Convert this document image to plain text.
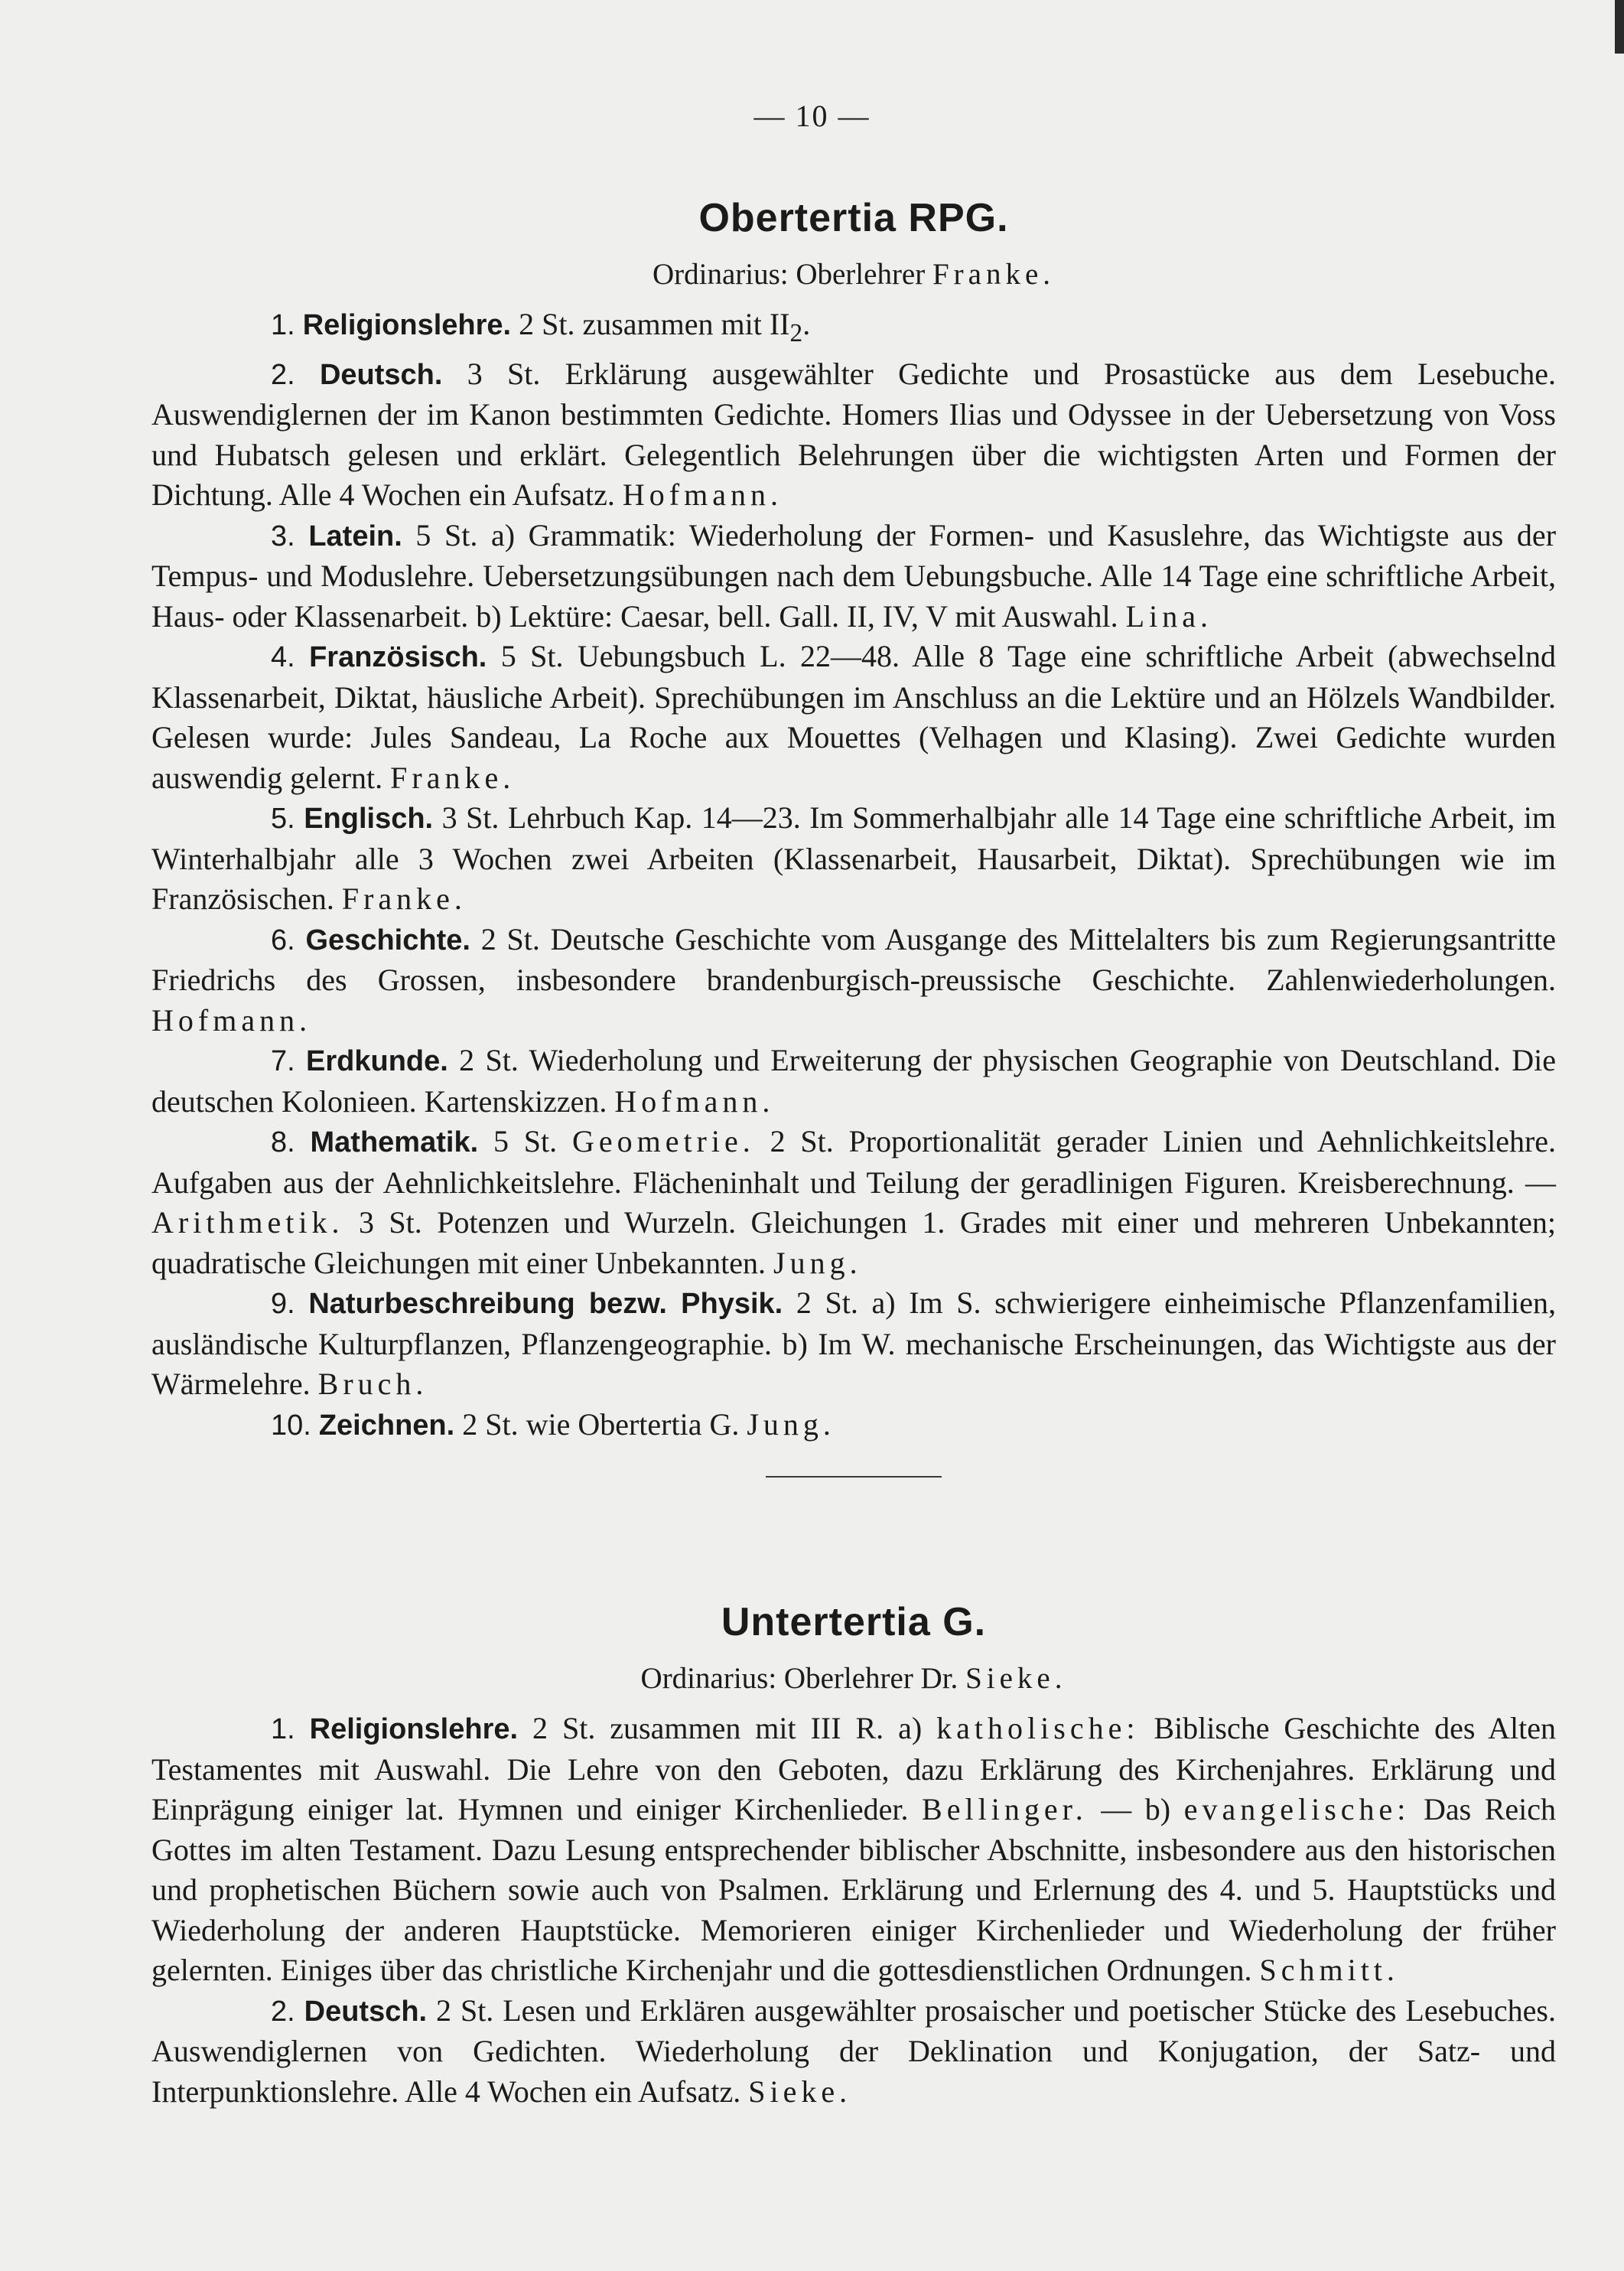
— 10 —
Obertertia RPG.
Ordinarius: Oberlehrer Franke.

1. Religionslehre. 2 St. zusammen mit $II_2$.

2. Deutsch. 3 St. Erklärung ausgewählter Gedichte und Prosastücke aus dem Lesebuche. Auswendiglernen der im Kanon bestimmten Gedichte. Homers Ilias und Odyssee in der Uebersetzung von Voss und Hubatsch gelesen und erklärt. Gelegentlich Belehrungen über die wichtigsten Arten und Formen der Dichtung. Alle 4 Wochen ein Aufsatz. Hofmann.

3. Latein. 5 St. a) Grammatik: Wiederholung der Formen- und Kasuslehre, das Wichtigste aus der Tempus- und Moduslehre. Uebersetzungsübungen nach dem Uebungsbuche. Alle 14 Tage eine schriftliche Arbeit, Haus- oder Klassenarbeit. b) Lektüre: Caesar, bell. Gall. II, IV, V mit Auswahl. Lina.

4. Französisch. 5 St. Uebungsbuch L. 22—48. Alle 8 Tage eine schriftliche Arbeit (abwechselnd Klassenarbeit, Diktat, häusliche Arbeit). Sprechübungen im Anschluss an die Lektüre und an Hölzels Wandbilder. Gelesen wurde: Jules Sandeau, La Roche aux Mouettes (Velhagen und Klasing). Zwei Gedichte wurden auswendig gelernt. Franke.

5. Englisch. 3 St. Lehrbuch Kap. 14—23. Im Sommerhalbjahr alle 14 Tage eine schriftliche Arbeit, im Winterhalbjahr alle 3 Wochen zwei Arbeiten (Klassenarbeit, Hausarbeit, Diktat). Sprechübungen wie im Französischen. Franke.

6. Geschichte. 2 St. Deutsche Geschichte vom Ausgange des Mittelalters bis zum Regierungsantritte Friedrichs des Grossen, insbesondere brandenburgisch-preussische Geschichte. Zahlenwiederholungen. Hofmann.

7. Erdkunde. 2 St. Wiederholung und Erweiterung der physischen Geographie von Deutschland. Die deutschen Kolonieen. Kartenskizzen. Hofmann.

8. Mathematik. 5 St. Geometrie. 2 St. Proportionalität gerader Linien und Aehnlichkeitslehre. Aufgaben aus der Aehnlichkeitslehre. Flächeninhalt und Teilung der geradlinigen Figuren. Kreisberechnung. — Arithmetik. 3 St. Potenzen und Wurzeln. Gleichungen 1. Grades mit einer und mehreren Unbekannten; quadratische Gleichungen mit einer Unbekannten. Jung.

9. Naturbeschreibung bezw. Physik. 2 St. a) Im S. schwierigere einheimische Pflanzenfamilien, ausländische Kulturpflanzen, Pflanzengeographie. b) Im W. mechanische Erscheinungen, das Wichtigste aus der Wärmelehre. Bruch.

10. Zeichnen. 2 St. wie Obertertia G. Jung.

Untertertia G.
Ordinarius: Oberlehrer Dr. Sieke.

1. Religionslehre. 2 St. zusammen mit III R. a) katholische: Biblische Geschichte des Alten Testamentes mit Auswahl. Die Lehre von den Geboten, dazu Erklärung des Kirchenjahres. Erklärung und Einprägung einiger lat. Hymnen und einiger Kirchenlieder. Bellinger. — b) evangelische: Das Reich Gottes im alten Testament. Dazu Lesung entsprechender biblischer Abschnitte, insbesondere aus den historischen und prophetischen Büchern sowie auch von Psalmen. Erklärung und Erlernung des 4. und 5. Hauptstücks und Wiederholung der anderen Hauptstücke. Memorieren einiger Kirchenlieder und Wiederholung der früher gelernten. Einiges über das christliche Kirchenjahr und die gottesdienstlichen Ordnungen. Schmitt.

2. Deutsch. 2 St. Lesen und Erklären ausgewählter prosaischer und poetischer Stücke des Lesebuches. Auswendiglernen von Gedichten. Wiederholung der Deklination und Konjugation, der Satz- und Interpunktionslehre. Alle 4 Wochen ein Aufsatz. Sieke.
